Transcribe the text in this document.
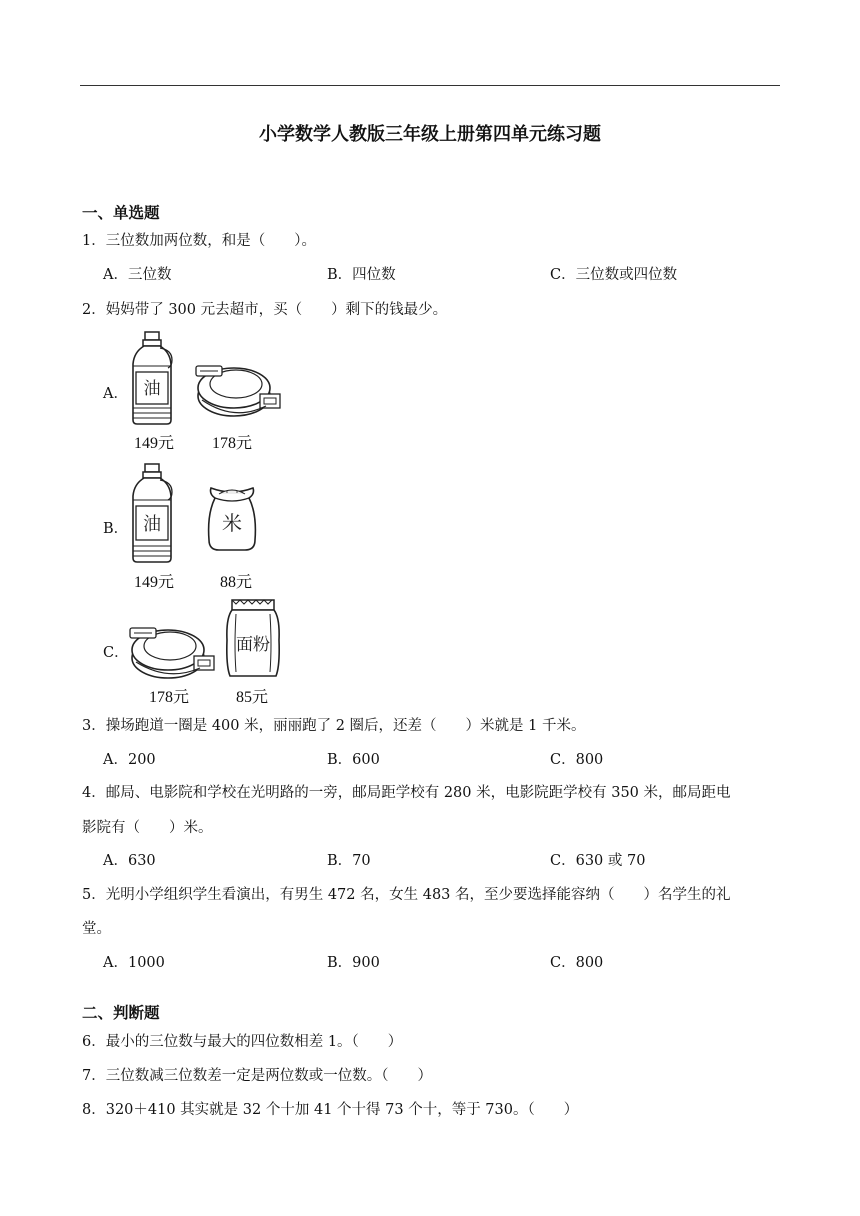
小学数学人教版三年级上册第四单元练习题
一、单选题
1．三位数加两位数，和是（　　）。
A．三位数	B．四位数	C．三位数或四位数
2．妈妈带了 300 元去超市，买（　　）剩下的钱最少。
A． 油
149元 178元
B． 油
149元
米
88元
C．
178元
面粉
85元
3．操场跑道一圈是 400 米，丽丽跑了 2 圈后，还差（　　）米就是 1 千米。
A．200	B．600	C．800
4．邮局、电影院和学校在光明路的一旁，邮局距学校有 280 米，电影院距学校有 350 米，邮局距电
影院有（　　）米。
A．630	B．70	C．630 或 70
5．光明小学组织学生看演出，有男生 472 名，女生 483 名，至少要选择能容纳（　　）名学生的礼
堂。
A．1000	B．900	C．800
二、判断题
6．最小的三位数与最大的四位数相差 1。（　　）
7．三位数减三位数差一定是两位数或一位数。（　　）
8．320＋410 其实就是 32 个十加 41 个十得 73 个十，等于 730。（　　）
